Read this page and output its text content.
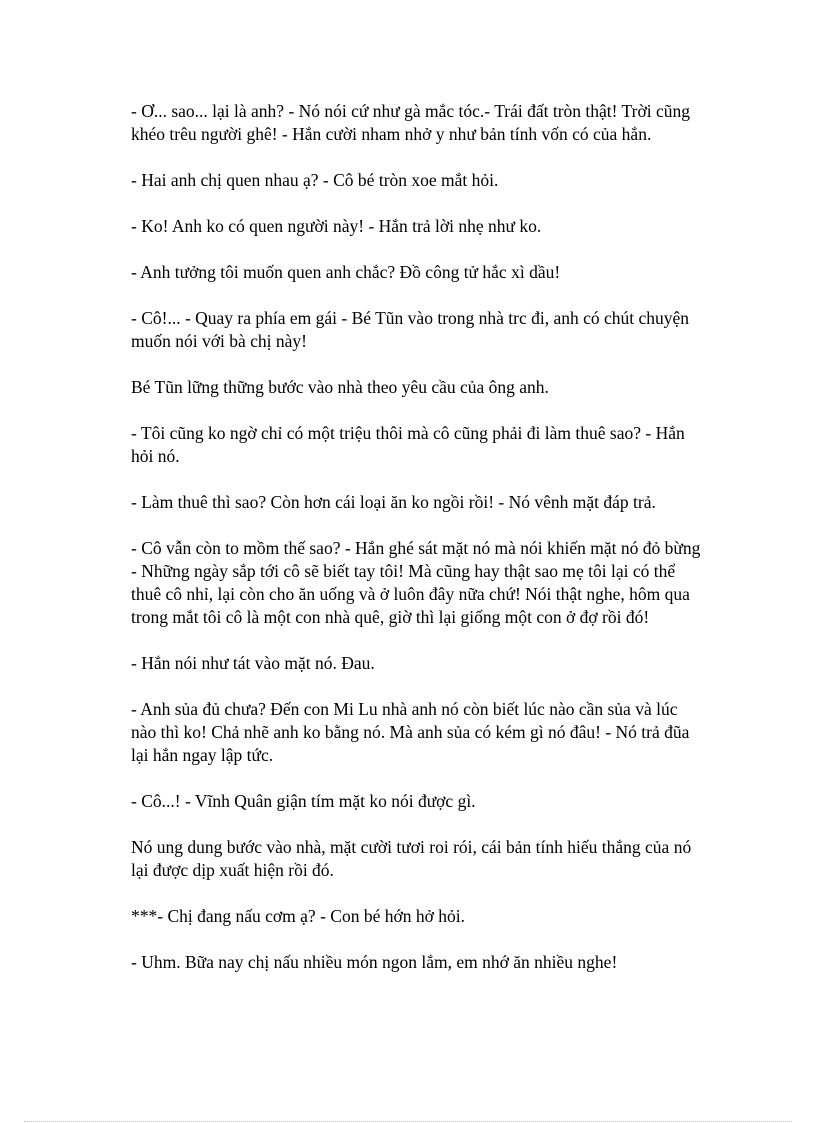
- Ơ... sao... lại là anh? - Nó nói cứ như gà mắc tóc.- Trái đất tròn thật! Trời cũng
khéo trêu người ghê! - Hắn cười nham nhở y như bản tính vốn có của hắn.

- Hai anh chị quen nhau ạ? - Cô bé tròn xoe mắt hỏi.

- Ko! Anh ko có quen người này! - Hắn trả lời nhẹ như ko.

- Anh tưởng tôi muốn quen anh chắc? Đồ công tử hắc xì dầu!

- Cô!... - Quay ra phía em gái - Bé Tũn vào trong nhà trc đi, anh có chút chuyện
muốn nói với bà chị này!

Bé Tũn lững thững bước vào nhà theo yêu cầu của ông anh.

- Tôi cũng ko ngờ chỉ có một triệu thôi mà cô cũng phải đi làm thuê sao? - Hắn
hỏi nó.

- Làm thuê thì sao? Còn hơn cái loại ăn ko ngồi rồi! - Nó vênh mặt đáp trả.

- Cô vẫn còn to mồm thế sao? - Hắn ghé sát mặt nó mà nói khiến mặt nó đỏ bừng
- Những ngày sắp tới cô sẽ biết tay tôi! Mà cũng hay thật sao mẹ tôi lại có thể
thuê cô nhỉ, lại còn cho ăn uống và ở luôn đây nữa chứ! Nói thật nghe, hôm qua
trong mắt tôi cô là một con nhà quê, giờ thì lại giống một con ở đợ rồi đó!

- Hắn nói như tát vào mặt nó. Đau.

- Anh sủa đủ chưa? Đến con Mi Lu nhà anh nó còn biết lúc nào cần sủa và lúc
nào thì ko! Chả nhẽ anh ko bằng nó. Mà anh sủa có kém gì nó đâu! - Nó trả đũa
lại hắn ngay lập tức.

- Cô...! - Vĩnh Quân giận tím mặt ko nói được gì.

Nó ung dung bước vào nhà, mặt cười tươi roi rói, cái bản tính hiếu thắng của nó
lại được dịp xuất hiện rồi đó.

***- Chị đang nấu cơm ạ? - Con bé hớn hở hỏi.

- Uhm. Bữa nay chị nấu nhiều món ngon lắm, em nhớ ăn nhiều nghe!
